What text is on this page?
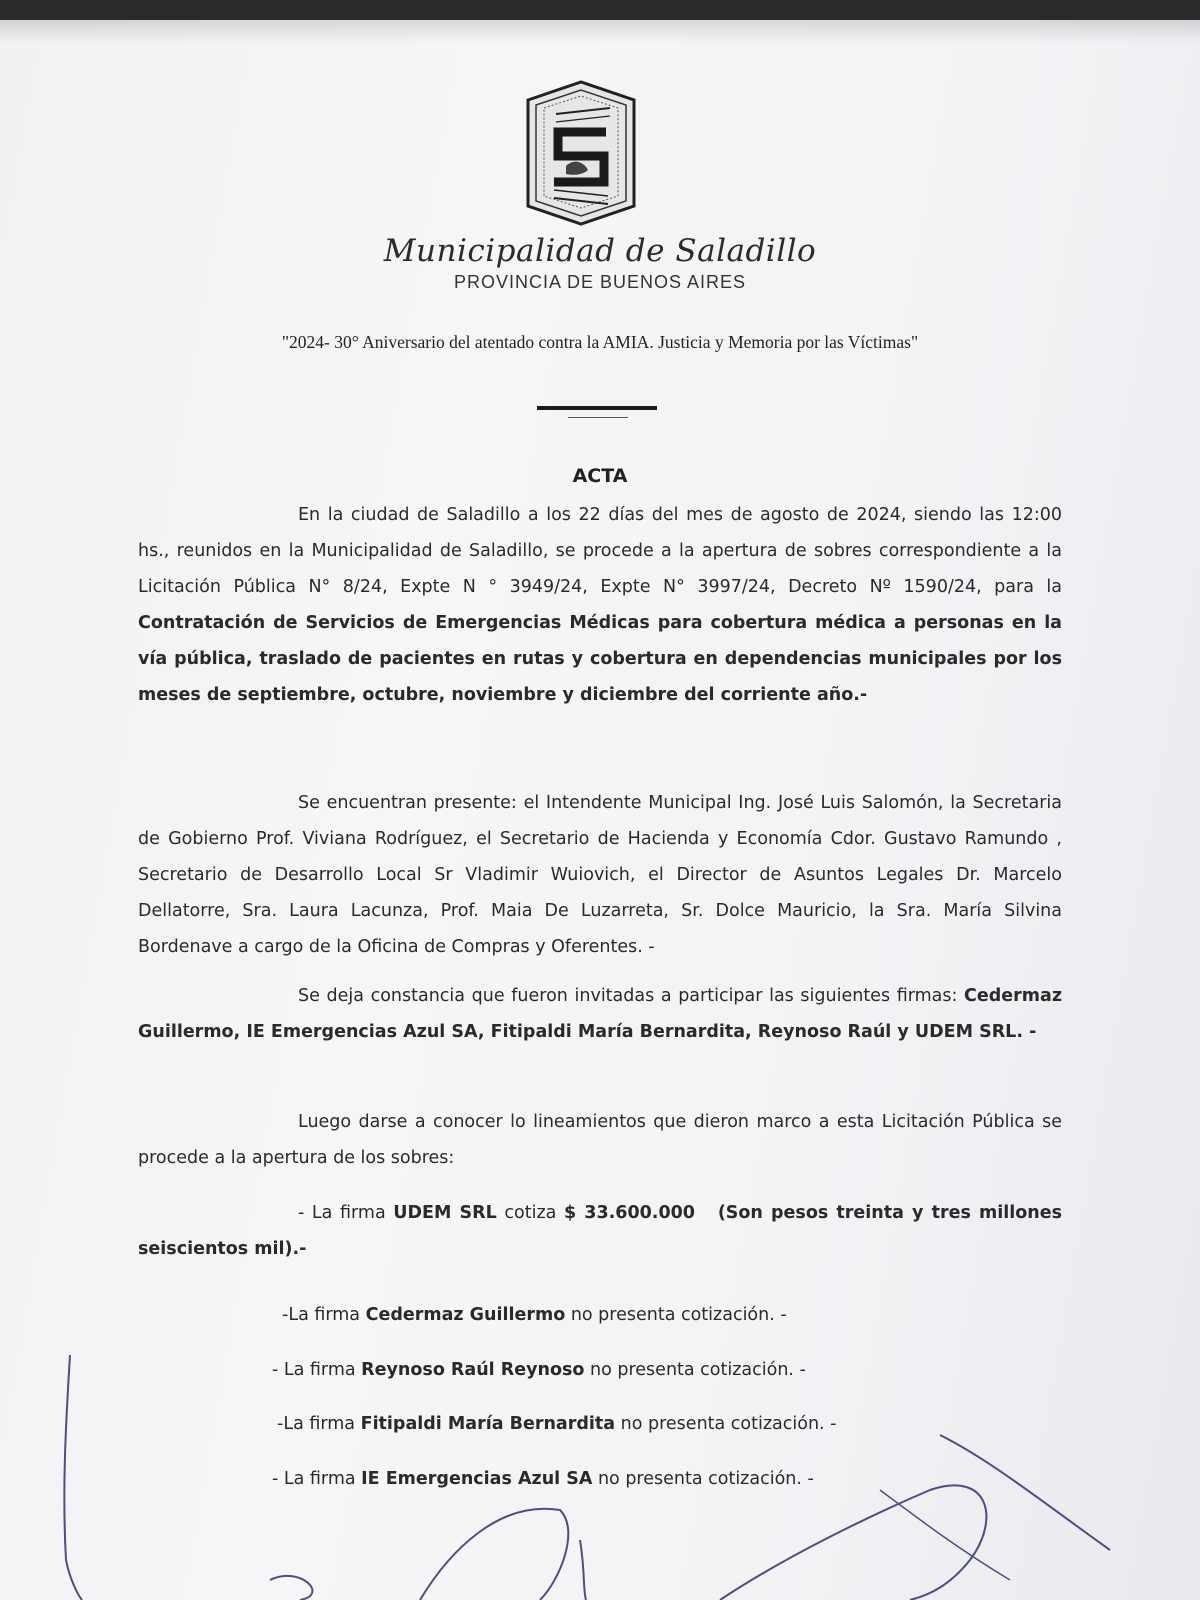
Municipalidad de Saladillo
PROVINCIA DE BUENOS AIRES
"2024- 30° Aniversario del atentado contra la AMIA. Justicia y Memoria por las Víctimas"
ACTA
En la ciudad de Saladillo a los 22 días del mes de agosto de 2024, siendo las 12:00 hs., reunidos en la Municipalidad de Saladillo, se procede a la apertura de sobres correspondiente a la Licitación Pública N° 8/24, Expte N ° 3949/24, Expte N° 3997/24, Decreto Nº 1590/24, para la Contratación de Servicios de Emergencias Médicas para cobertura médica a personas en la vía pública, traslado de pacientes en rutas y cobertura en dependencias municipales por los meses de septiembre, octubre, noviembre y diciembre del corriente año.-
Se encuentran presente: el Intendente Municipal Ing. José Luis Salomón, la Secretaria de Gobierno Prof. Viviana Rodríguez, el Secretario de Hacienda y Economía Cdor. Gustavo Ramundo , Secretario de Desarrollo Local Sr Vladimir Wuiovich, el Director de Asuntos Legales Dr. Marcelo Dellatorre, Sra. Laura Lacunza, Prof. Maia De Luzarreta, Sr. Dolce Mauricio, la Sra. María Silvina Bordenave a cargo de la Oficina de Compras y Oferentes. -
Se deja constancia que fueron invitadas a participar las siguientes firmas: Cedermaz Guillermo, IE Emergencias Azul SA, Fitipaldi María Bernardita, Reynoso Raúl y UDEM SRL. -
Luego darse a conocer lo lineamientos que dieron marco a esta Licitación Pública se procede a la apertura de los sobres:
- La firma UDEM SRL cotiza $ 33.600.000 (Son pesos treinta y tres millones seiscientos mil).-
-La firma Cedermaz Guillermo no presenta cotización. -
- La firma Reynoso Raúl Reynoso no presenta cotización. -
-La firma Fitipaldi María Bernardita no presenta cotización. -
- La firma IE Emergencias Azul SA no presenta cotización. -
